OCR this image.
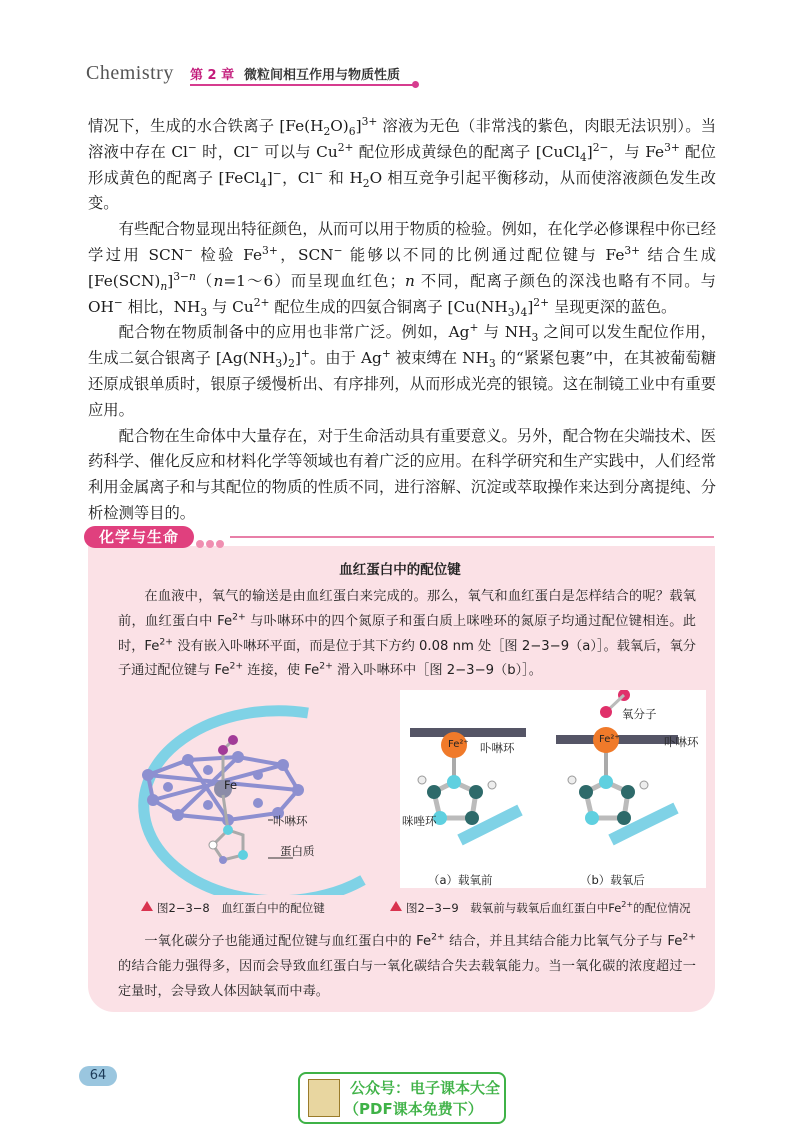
Chemistry 第 2 章 微粒间相互作用与物质性质

情况下，生成的水合铁离子 $[Fe(H_2O)_6]^{3+}$ 溶液为无色（非常浅的紫色，肉眼无法识别）。当溶液中存在 Cl− 时，Cl− 可以与 $Cu^{2+}$ 配位形成黄绿色的配离子 [CuCl$_4$]$^{2-}$，与 $Fe^{3+}$ 配位形成黄色的配离子 [FeCl$_4$]−，Cl− 和 $H_2O$ 相互竞争引起平衡移动，从而使溶液颜色发生改变。

有些配合物显现出特征颜色，从而可以用于物质的检验。例如，在化学必修课程中你已经学过用 SCN− 检验 $Fe^{3+}$，SCN− 能够以不同的比例通过配位键与 $Fe^{3+}$ 结合生成 $[Fe(SCN)_n]^{3-n}(n=1\sim 6)$而呈现血红色；n 不同，配离子颜色的深浅也略有不同。与 OH− 相比，$NH_3$ 与 $Cu^{2+}$ 配位生成的四氨合铜离子 $[Cu(NH_3)_4]^{2+}$ 呈现更深的蓝色。

配合物在物质制备中的应用也非常广泛。例如，Ag+ 与 $NH_3$ 之间可以发生配位作用，生成二氨合银离子 $[Ag(NH_3)_2]^+$。由于 Ag+ 被束缚在 $NH_3$ 的“紧紧包裹”中，在其被葡萄糖还原成银单质时，银原子缓慢析出、有序排列，从而形成光亮的银镜。这在制镜工业中有重要应用。

配合物在生命体中大量存在，对于生命活动具有重要意义。另外，配合物在尖端技术、医药科学、催化反应和材料化学等领域也有着广泛的应用。在科学研究和生产实践中，人们经常利用金属离子和与其配位的物质的性质不同，进行溶解、沉淀或萃取操作来达到分离提纯、分析检测等目的。

化学与生命
血红蛋白中的配位键

在血液中，氧气的输送是由血红蛋白来完成的。那么，氧气和血红蛋白是怎样结合的呢？载氧前，血红蛋白中 $Fe^{2+}$ 与卟啉环中的四个氮原子和蛋白质上咪唑环的氮原子均通过配位键相连。此时，$Fe^{2+}$ 没有嵌入卟啉环平面，而是位于其下方约 0.08 nm 处［图 2−3−9（a）］。载氧后，氧分子通过配位键与 $Fe^{2+}$ 连接，使 $Fe^{2+}$ 滑入卟啉环中［图 2−3−9（b）］。

Fe
卟啉环
蛋白质
图2−3−8　血红蛋白中的配位键
Fe²⁺ 卟啉环
咪唑环
（a）载氧前
氧分子
Fe²⁺	卟啉环
（b）载氧后
图2−3−9　载氧前与载氧后血红蛋白中$Fe^{2+}$的配位情况

一氧化碳分子也能通过配位键与血红蛋白中的 $Fe^{2+}$ 结合，并且其结合能力比氧气分子与 $Fe^{2+}$ 的结合能力强得多，因而会导致血红蛋白与一氧化碳结合失去载氧能力。当一氧化碳的浓度超过一定量时，会导致人体因缺氧而中毒。

64
公众号：电子课本大全
（PDF课本免费下）
